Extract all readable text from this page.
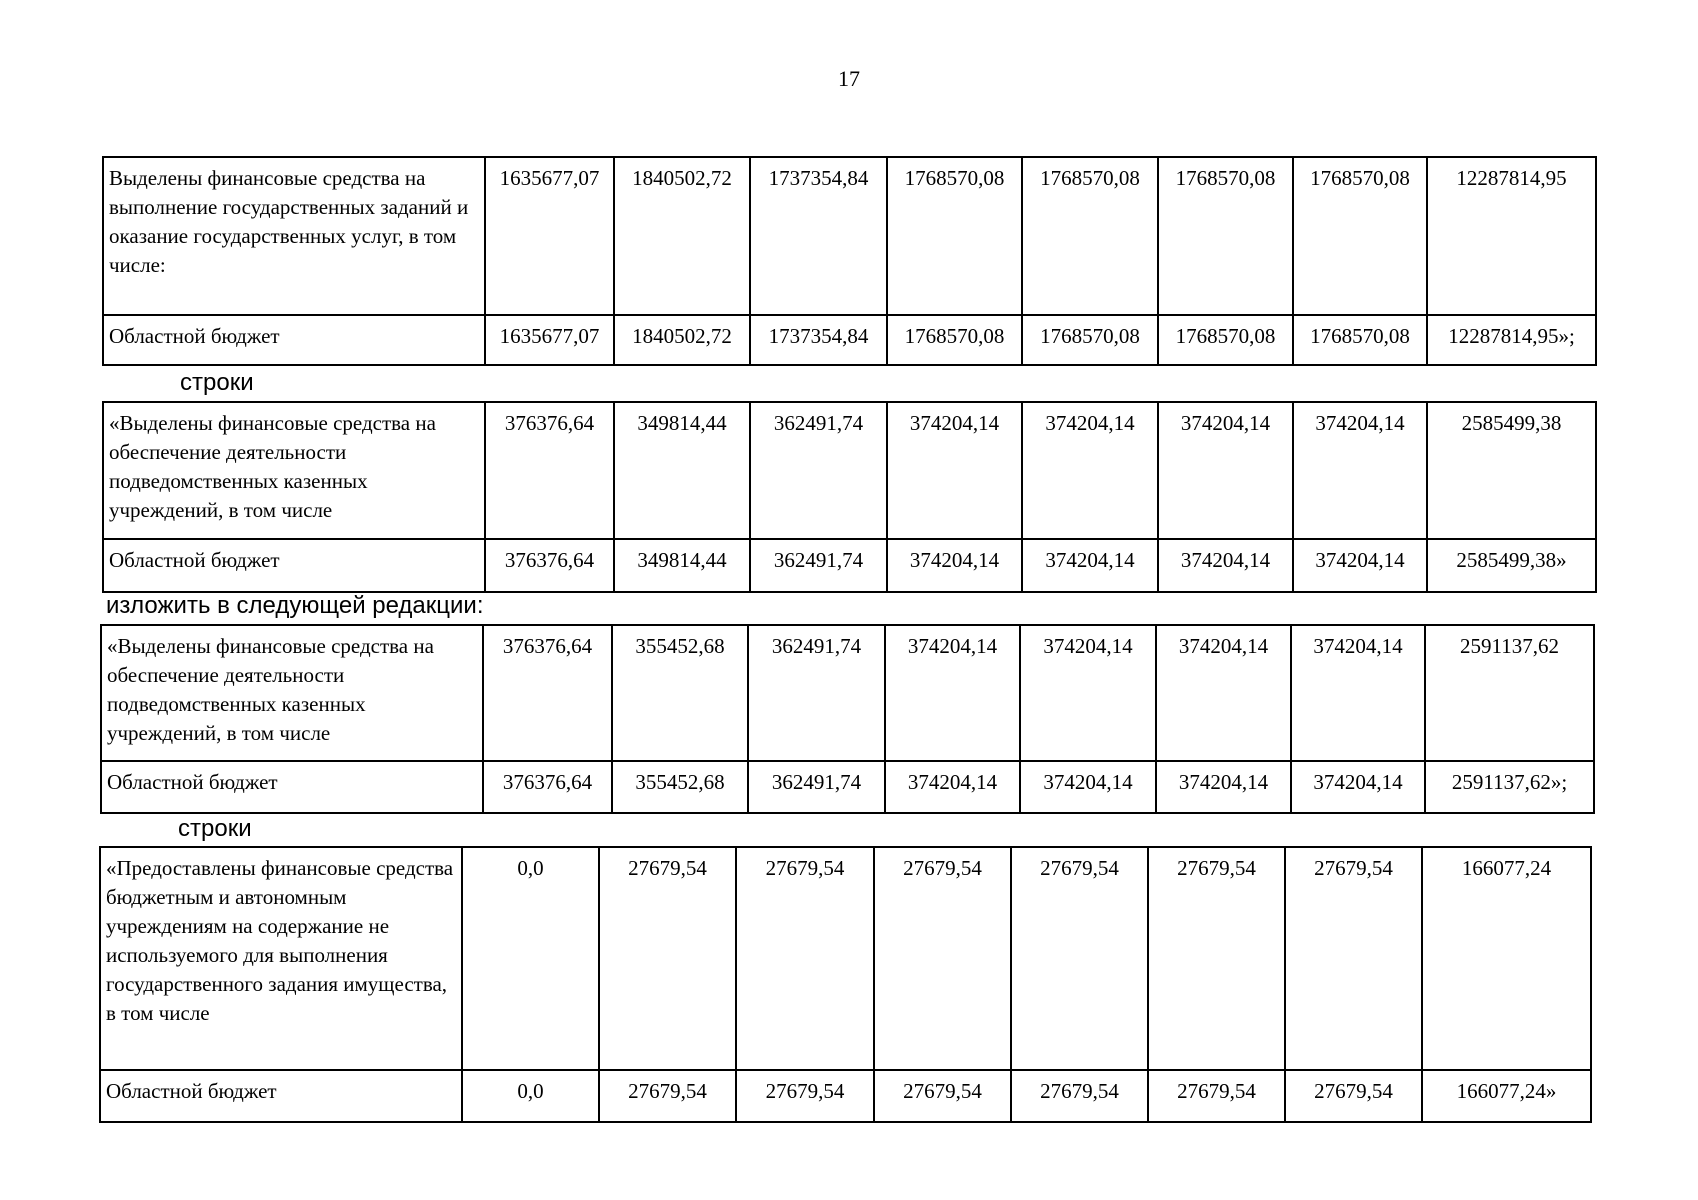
17
Выделены финансовые средства на выполнение государственных заданий и оказание государственных услуг, в том числе:	1635677,07	1840502,72	1737354,84	1768570,08	1768570,08	1768570,08	1768570,08	12287814,95
Областной бюджет	1635677,07	1840502,72	1737354,84	1768570,08	1768570,08	1768570,08	1768570,08	12287814,95»;
строки
«Выделены финансовые средства на обеспечение деятельности подведомственных казенных учреждений, в том числе	376376,64	349814,44	362491,74	374204,14	374204,14	374204,14	374204,14	2585499,38
Областной бюджет	376376,64	349814,44	362491,74	374204,14	374204,14	374204,14	374204,14	2585499,38»
изложить в следующей редакции:
«Выделены финансовые средства на обеспечение деятельности подведомственных казенных учреждений, в том числе	376376,64	355452,68	362491,74	374204,14	374204,14	374204,14	374204,14	2591137,62
Областной бюджет	376376,64	355452,68	362491,74	374204,14	374204,14	374204,14	374204,14	2591137,62»;
строки
«Предоставлены финансовые средства бюджетным и автономным учреждениям на содержание не используемого для выполнения государственного задания имущества, в том числе	0,0	27679,54	27679,54	27679,54	27679,54	27679,54	27679,54	166077,24
Областной бюджет	0,0	27679,54	27679,54	27679,54	27679,54	27679,54	27679,54	166077,24»
